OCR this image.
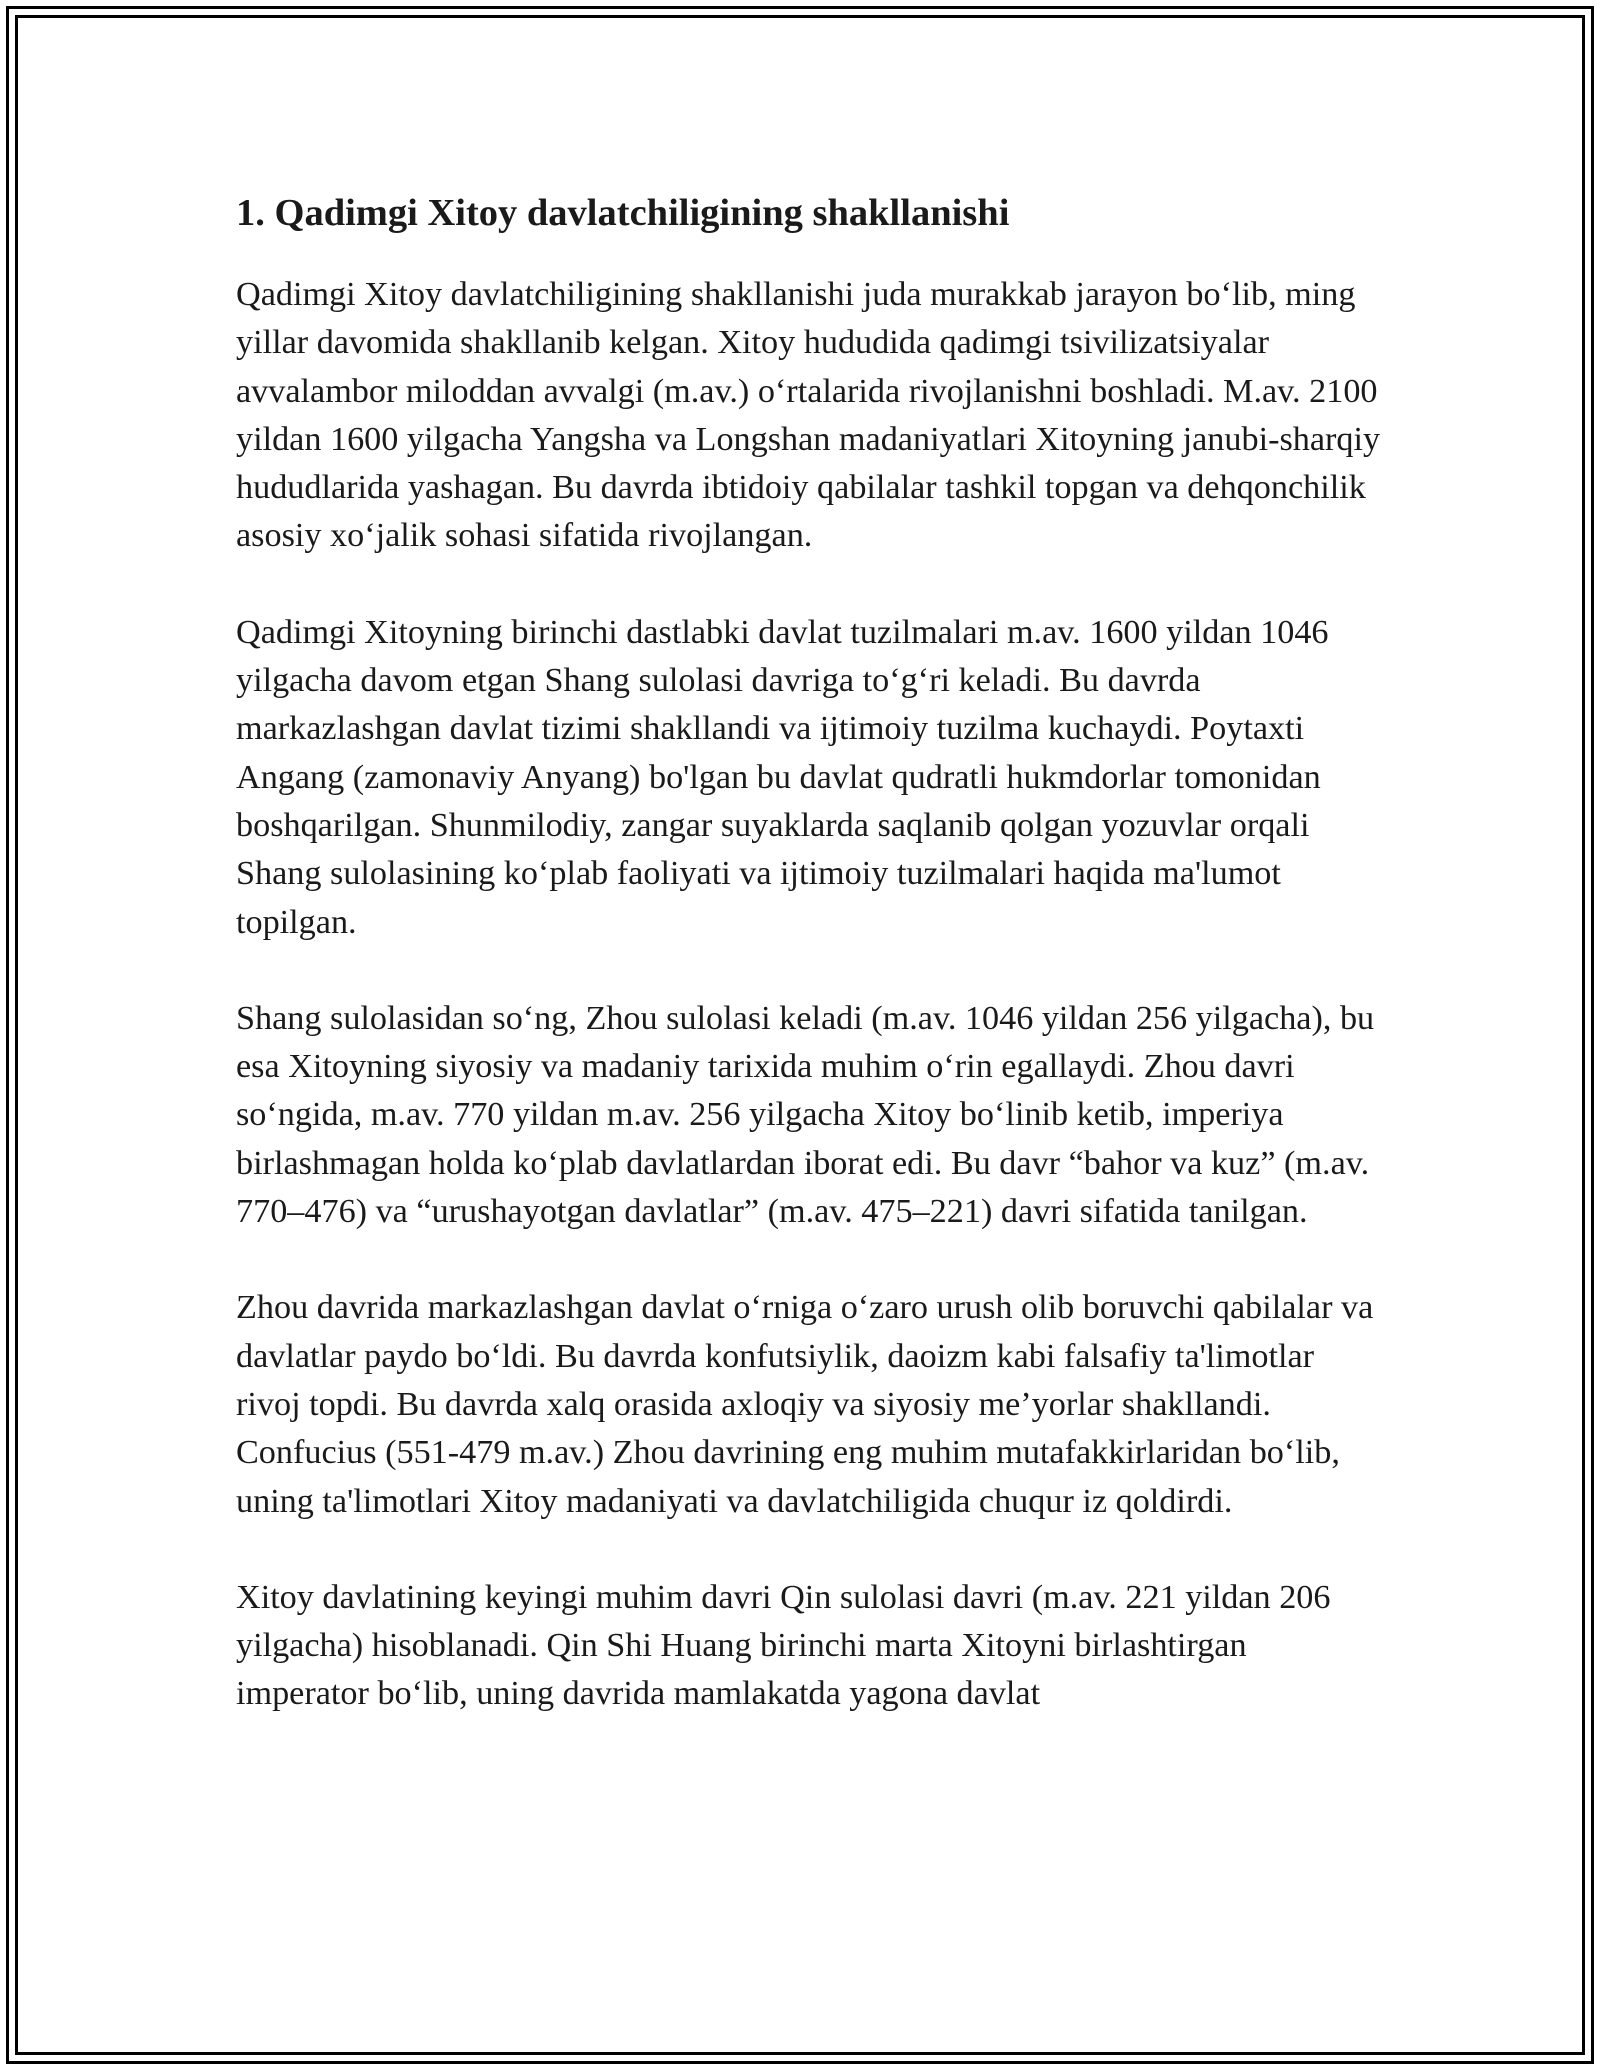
1. Qadimgi Xitoy davlatchiligining shakllanishi

Qadimgi Xitoy davlatchiligining shakllanishi juda murakkab jarayon bo‘lib, ming yillar davomida shakllanib kelgan. Xitoy hududida qadimgi tsivilizatsiyalar avvalambor miloddan avvalgi (m.av.) o‘rtalarida rivojlanishni boshladi. M.av. 2100 yildan 1600 yilgacha Yangsha va Longshan madaniyatlari Xitoyning janubi-sharqiy hududlarida yashagan. Bu davrda ibtidoiy qabilalar tashkil topgan va dehqonchilik asosiy xo‘jalik sohasi sifatida rivojlangan.

Qadimgi Xitoyning birinchi dastlabki davlat tuzilmalari m.av. 1600 yildan 1046 yilgacha davom etgan Shang sulolasi davriga to‘g‘ri keladi. Bu davrda markazlashgan davlat tizimi shakllandi va ijtimoiy tuzilma kuchaydi. Poytaxti Angang (zamonaviy Anyang) bo'lgan bu davlat qudratli hukmdorlar tomonidan boshqarilgan. Shunmilodiy, zangar suyaklarda saqlanib qolgan yozuvlar orqali Shang sulolasining ko‘plab faoliyati va ijtimoiy tuzilmalari haqida ma'lumot topilgan.

Shang sulolasidan so‘ng, Zhou sulolasi keladi (m.av. 1046 yildan 256 yilgacha), bu esa Xitoyning siyosiy va madaniy tarixida muhim o‘rin egallaydi. Zhou davri so‘ngida, m.av. 770 yildan m.av. 256 yilgacha Xitoy bo‘linib ketib, imperiya birlashmagan holda ko‘plab davlatlardan iborat edi. Bu davr “bahor va kuz” (m.av. 770–476) va “urushayotgan davlatlar” (m.av. 475–221) davri sifatida tanilgan.

Zhou davrida markazlashgan davlat o‘rniga o‘zaro urush olib boruvchi qabilalar va davlatlar paydo bo‘ldi. Bu davrda konfutsiylik, daoizm kabi falsafiy ta'limotlar rivoj topdi. Bu davrda xalq orasida axloqiy va siyosiy me’yorlar shakllandi. Confucius (551-479 m.av.) Zhou davrining eng muhim mutafakkirlaridan bo‘lib, uning ta'limotlari Xitoy madaniyati va davlatchiligida chuqur iz qoldirdi.

Xitoy davlatining keyingi muhim davri Qin sulolasi davri (m.av. 221 yildan 206 yilgacha) hisoblanadi. Qin Shi Huang birinchi marta Xitoyni birlashtirgan imperator bo‘lib, uning davrida mamlakatda yagona davlat
